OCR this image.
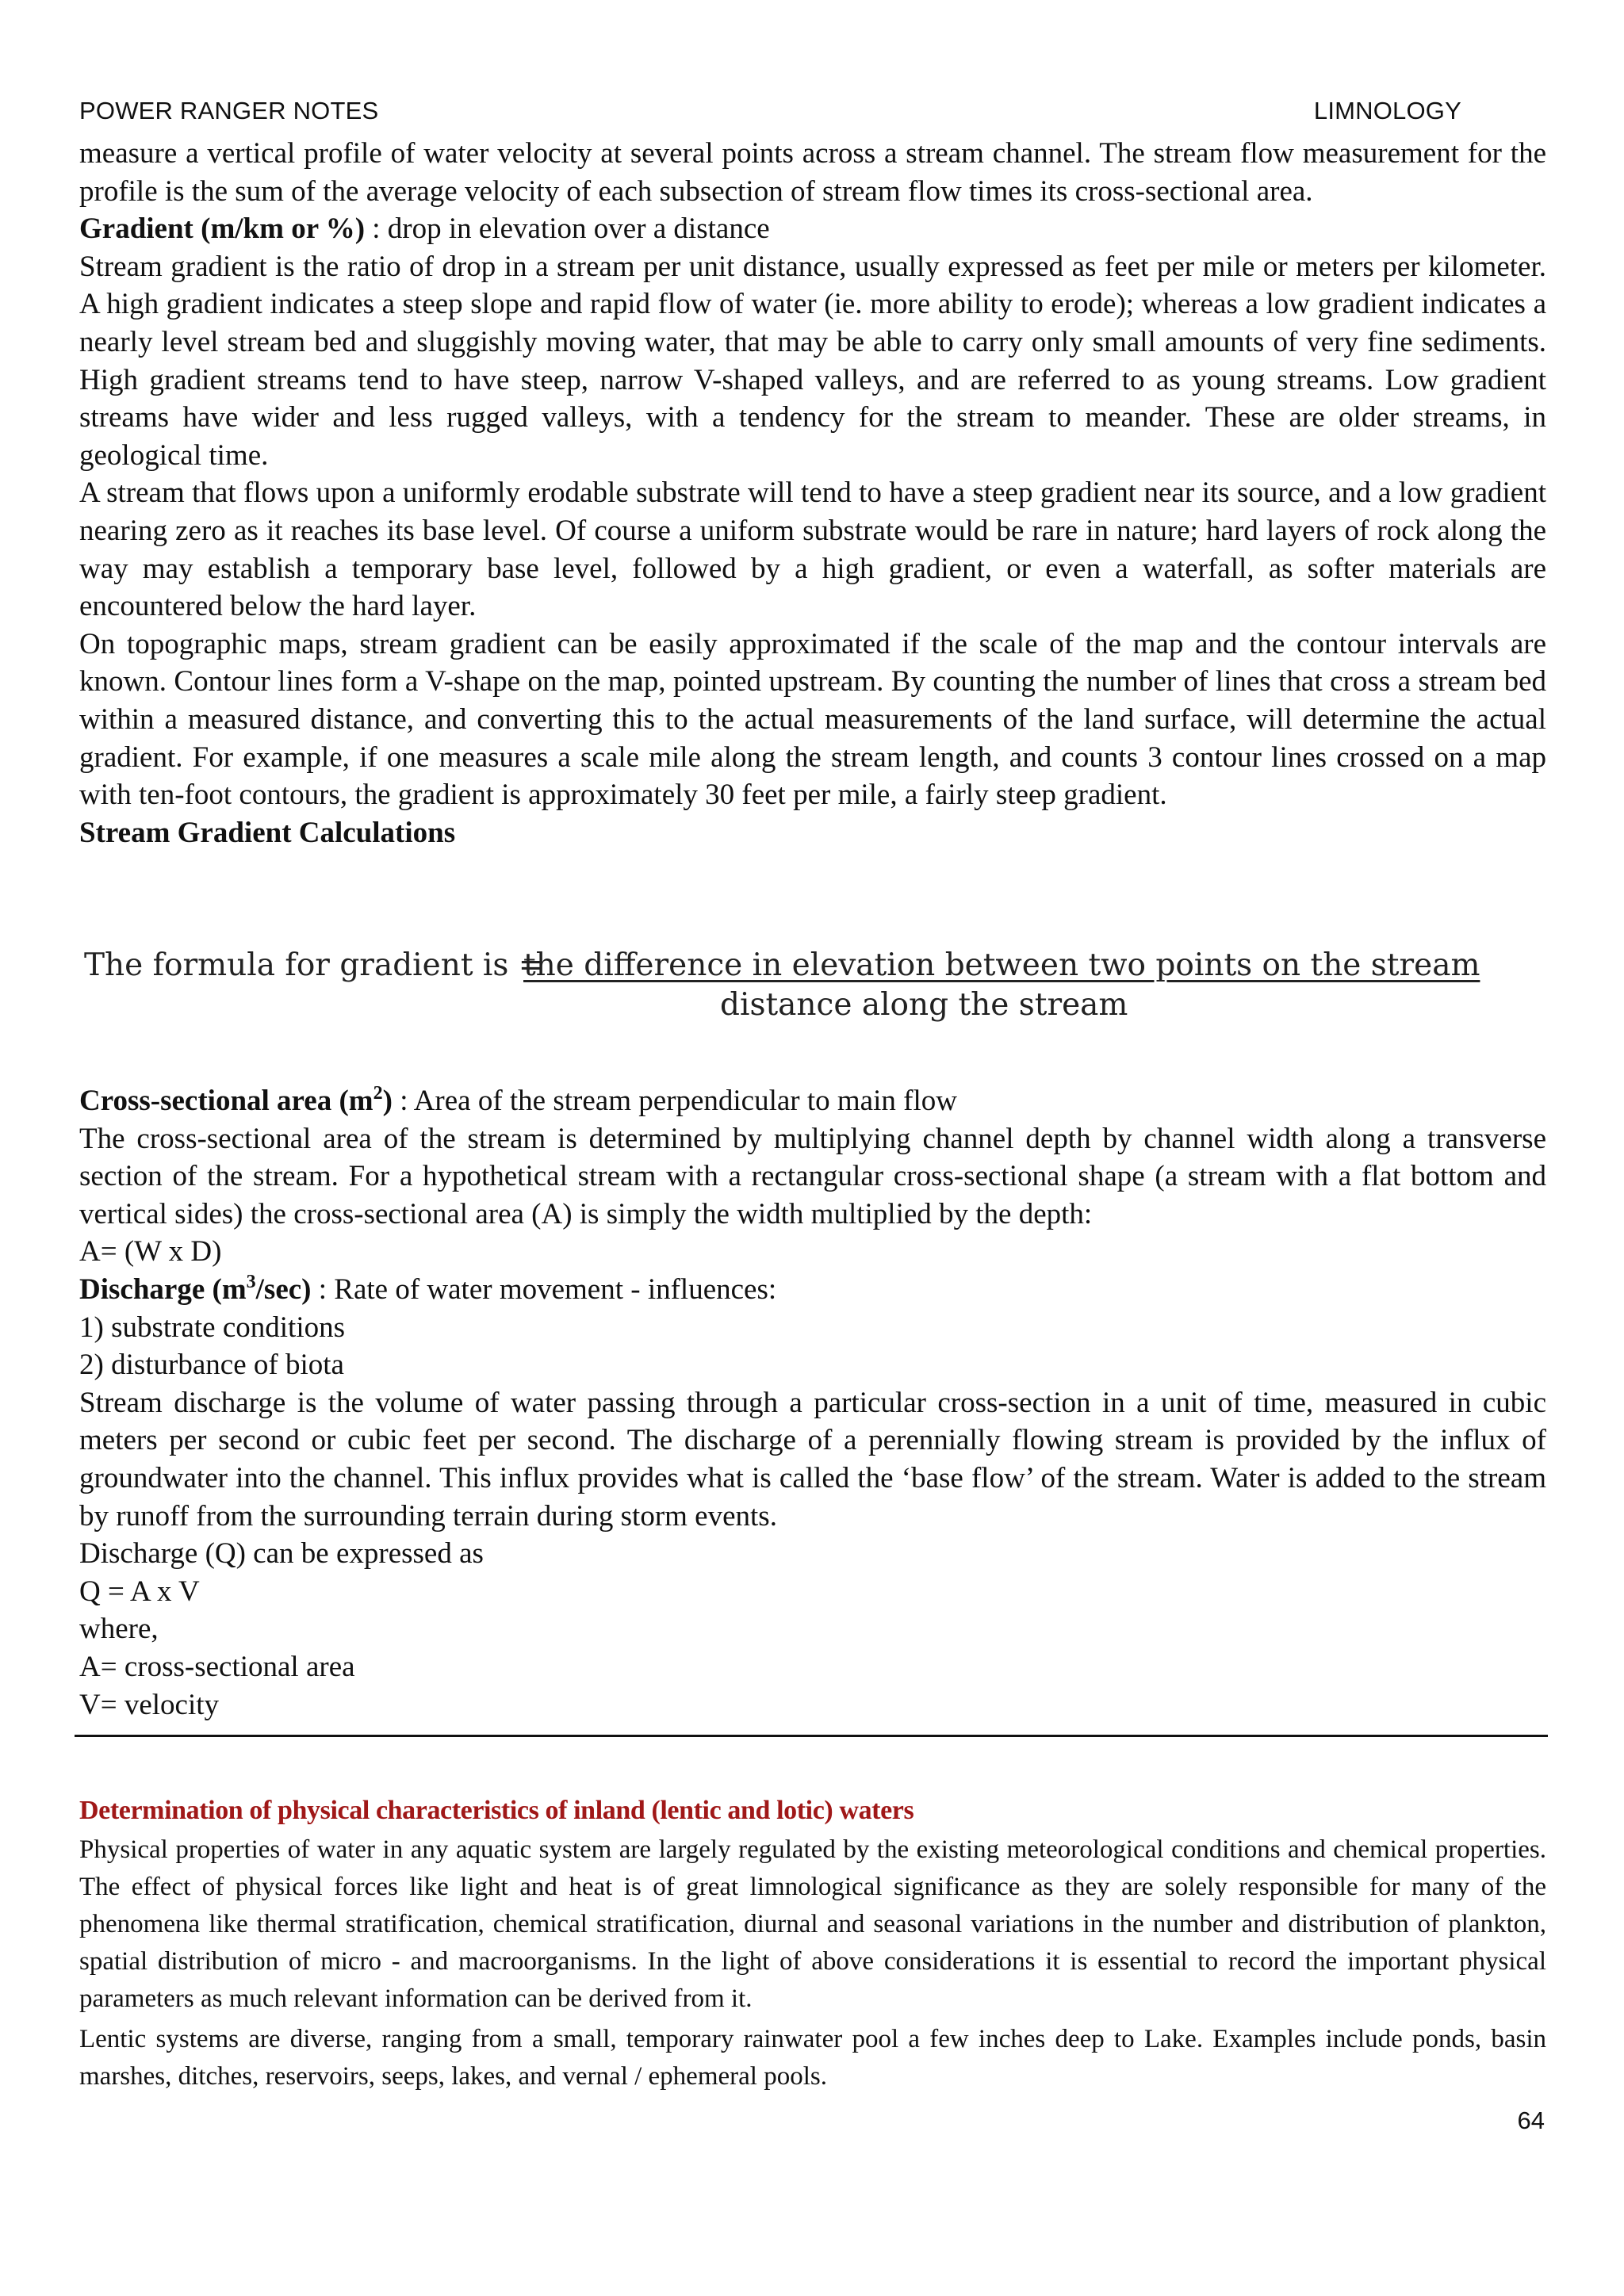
POWER RANGER NOTES	LIMNOLOGY

measure a vertical profile of water velocity at several points across a stream channel. The stream flow measurement for the profile is the sum of the average velocity of each subsection of stream flow times its cross-sectional area.

Gradient (m/km or %) : drop in elevation over a distance

Stream gradient is the ratio of drop in a stream per unit distance, usually expressed as feet per mile or meters per kilometer. A high gradient indicates a steep slope and rapid flow of water (ie. more ability to erode); whereas a low gradient indicates a nearly level stream bed and sluggishly moving water, that may be able to carry only small amounts of very fine sediments. High gradient streams tend to have steep, narrow V-shaped valleys, and are referred to as young streams. Low gradient streams have wider and less rugged valleys, with a tendency for the stream to meander. These are older streams, in geological time.

A stream that flows upon a uniformly erodable substrate will tend to have a steep gradient near its source, and a low gradient nearing zero as it reaches its base level. Of course a uniform substrate would be rare in nature; hard layers of rock along the way may establish a temporary base level, followed by a high gradient, or even a waterfall, as softer materials are encountered below the hard layer.

On topographic maps, stream gradient can be easily approximated if the scale of the map and the contour intervals are known. Contour lines form a V-shape on the map, pointed upstream. By counting the number of lines that cross a stream bed within a measured distance, and converting this to the actual measurements of the land surface, will determine the actual gradient. For example, if one measures a scale mile along the stream length, and counts 3 contour lines crossed on a map with ten-foot contours, the gradient is approximately 30 feet per mile, a fairly steep gradient.

Stream Gradient Calculations

The formula for gradient is =
the difference in elevation between two points on the stream
distance along the stream

Cross-sectional area $(m^2)$ : Area of the stream perpendicular to main flow

The cross-sectional area of the stream is determined by multiplying channel depth by channel width along a transverse section of the stream. For a hypothetical stream with a rectangular cross-sectional shape (a stream with a flat bottom and vertical sides) the cross-sectional area (A) is simply the width multiplied by the depth:

A= (W x D)

Discharge $(m^3/\sec)$ : Rate of water movement - influences:

1) substrate conditions

2) disturbance of biota

Stream discharge is the volume of water passing through a particular cross-section in a unit of time, measured in cubic meters per second or cubic feet per second. The discharge of a perennially flowing stream is provided by the influx of groundwater into the channel. This influx provides what is called the ‘base flow’ of the stream. Water is added to the stream by runoff from the surrounding terrain during storm events.

Discharge (Q) can be expressed as

Q = A x V

where,

A= cross-sectional area

V= velocity

Determination of physical characteristics of inland (lentic and lotic) waters

Physical properties of water in any aquatic system are largely regulated by the existing meteorological conditions and chemical properties. The effect of physical forces like light and heat is of great limnological significance as they are solely responsible for many of the phenomena like thermal stratification, chemical stratification, diurnal and seasonal variations in the number and distribution of plankton, spatial distribution of micro - and macroorganisms. In the light of above considerations it is essential to record the important physical parameters as much relevant information can be derived from it.

Lentic systems are diverse, ranging from a small, temporary rainwater pool a few inches deep to Lake. Examples include ponds, basin marshes, ditches, reservoirs, seeps, lakes, and vernal / ephemeral pools.

64
